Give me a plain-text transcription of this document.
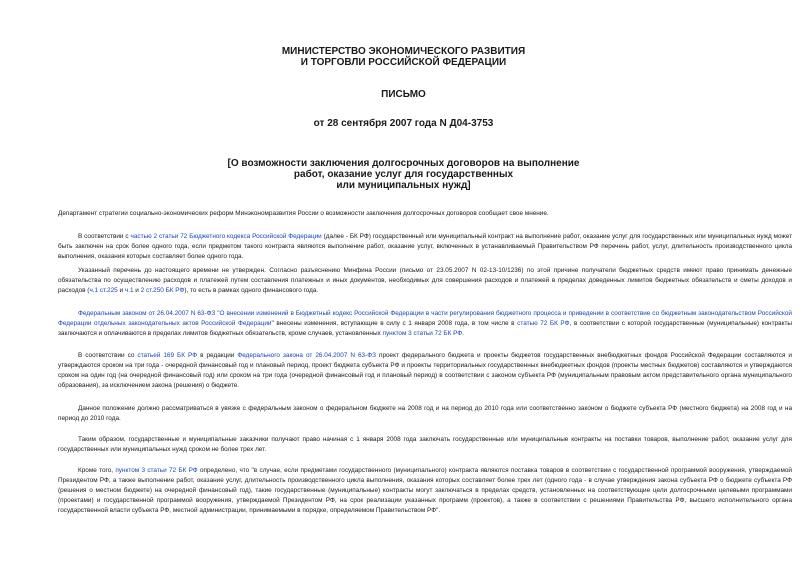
МИНИСТЕРСТВО ЭКОНОМИЧЕСКОГО РАЗВИТИЯ
И ТОРГОВЛИ РОССИЙСКОЙ ФЕДЕРАЦИИ
ПИСЬМО
от 28 сентября 2007 года N Д04-3753
[О возможности заключения долгосрочных договоров на выполнение
работ, оказание услуг для государственных
или муниципальных нужд]

Департамент стратегии социально-экономических реформ Минэкономразвития России о возможности заключения долгосрочных договоров сообщает свое мнение.

В соответствии с частью 2 статьи 72 Бюджетного кодекса Российской Федерации (далее - БК РФ) государственный или муниципальный контракт на выполнение работ, оказание услуг для государственных или муниципальных нужд может быть заключен на срок более одного года, если предметом такого контракта являются выполнение работ, оказание услуг, включенных в устанавливаемый Правительством РФ перечень работ, услуг, длительность производственного цикла выполнения, оказания которых составляет более одного года.

Указанный перечень до настоящего времени не утвержден. Согласно разъяснению Минфина России (письмо от 23.05.2007 N 02-13-10/1236) по этой причине получатели бюджетных средств имеют право принимать денежные обязательства по осуществлению расходов и платежей путем составления платежных и иных документов, необходимых для совершения расходов и платежей в пределах доведенных лимитов бюджетных обязательств и сметы доходов и расходов (ч.1 ст.225 и ч.1 и 2 ст.250 БК РФ), то есть в рамках одного финансового года.

Федеральным законом от 26.04.2007 N 63-ФЗ "О внесении изменений в Бюджетный кодекс Российской Федерации в части регулирования бюджетного процесса и приведении в соответствие со бюджетным законодательством Российской Федерации отдельных законодательных актов Российской Федерации" внесены изменения, вступающие в силу с 1 января 2008 года, в том числе в статью 72 БК РФ, в соответствии с которой государственные (муниципальные) контракты заключаются и оплачиваются в пределах лимитов бюджетных обязательств, кроме случаев, установленных пунктом 3 статьи 72 БК РФ.

В соответствии со статьей 169 БК РФ в редакции Федерального закона от 26.04.2007 N 63-ФЗ проект федерального бюджета и проекты бюджетов государственных внебюджетных фондов Российской Федерации составляются и утверждаются сроком на три года - очередной финансовый год и плановый период, проект бюджета субъекта РФ и проекты территориальных государственных внебюджетных фондов (проекты местных бюджетов) составляются и утверждаются сроком на один год (на очередной финансовый год) или сроком на три года (очередной финансовый год и плановый период) в соответствии с законом субъекта РФ (муниципальным правовым актом представительного органа муниципального образования), за исключением закона (решения) о бюджете.

Данное положение должно рассматриваться в увязке с федеральным законом о федеральном бюджете на 2008 год и на период до 2010 года или соответственно законом о бюджете субъекта РФ (местного бюджета) на 2008 год и на период до 2010 года.

Таким образом, государственные и муниципальные заказчики получают право начиная с 1 января 2008 года заключать государственные или муниципальные контракты на поставки товаров, выполнение работ, оказание услуг для государственных или муниципальных нужд сроком не более трех лет.

Кроме того, пунктом 3 статьи 72 БК РФ определено, что "в случае, если предметами государственного (муниципального) контракта являются поставка товаров в соответствии с государственной программой вооружения, утверждаемой Президентом РФ, а также выполнение работ, оказание услуг, длительность производственного цикла выполнения, оказания которых составляет более трех лет (одного года - в случае утверждения закона субъекта РФ о бюджете субъекта РФ (решения о местном бюджете) на очередной финансовый год), такие государственные (муниципальные) контракты могут заключаться в пределах средств, установленных на соответствующие цели долгосрочными целевыми программами (проектами) и государственной программой вооружения, утверждаемой Президентом РФ, на срок реализации указанных программ (проектов), а также в соответствии с решениями Правительства РФ, высшего исполнительного органа государственной власти субъекта РФ, местной администрации, принимаемыми в порядке, определяемом Правительством РФ".
